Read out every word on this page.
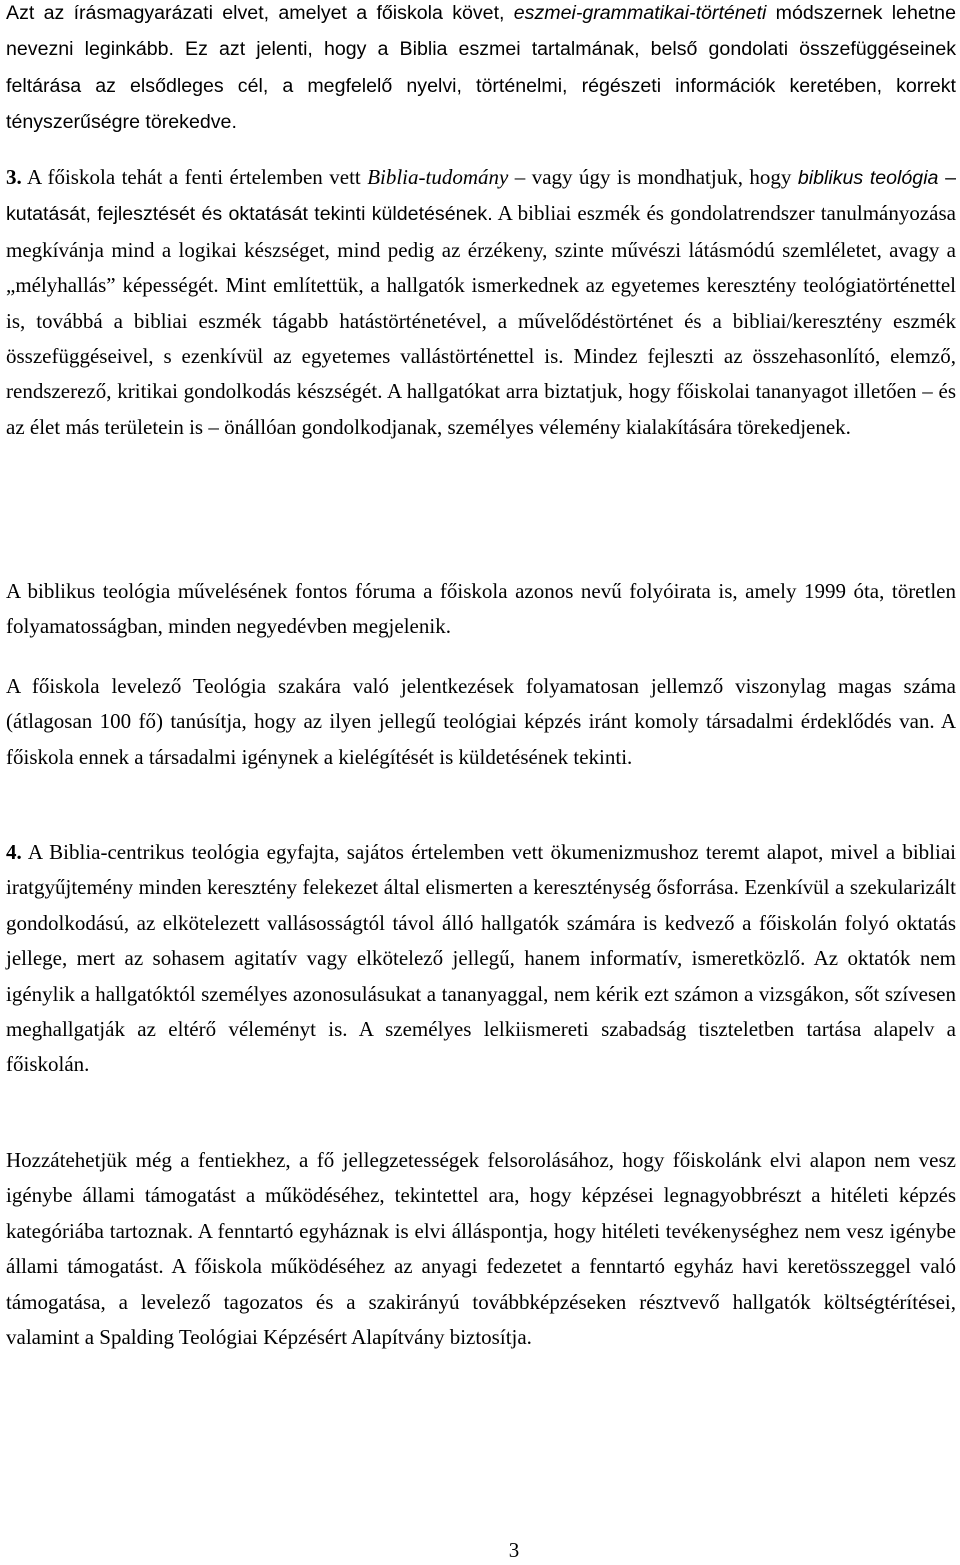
Azt az írásmagyarázati elvet, amelyet a főiskola követ, eszmei-grammatikai-történeti módszernek lehetne nevezni leginkább. Ez azt jelenti, hogy a Biblia eszmei tartalmának, belső gondolati összefüggéseinek feltárása az elsődleges cél, a megfelelő nyelvi, történelmi, régészeti információk keretében, korrekt tényszerűségre törekedve.

3. A főiskola tehát a fenti értelemben vett Biblia-tudomány – vagy úgy is mondhatjuk, hogy biblikus teológia – kutatását, fejlesztését és oktatását tekinti küldetésének. A bibliai eszmék és gondolatrendszer tanulmányozása megkívánja mind a logikai készséget, mind pedig az érzékeny, szinte művészi látásmódú szemléletet, avagy a „mélyhallás” képességét. Mint említettük, a hallgatók ismerkednek az egyetemes keresztény teológiatörténettel is, továbbá a bibliai eszmék tágabb hatástörténetével, a művelődéstörténet és a bibliai/keresztény eszmék összefüggéseivel, s ezenkívül az egyetemes vallástörténettel is. Mindez fejleszti az összehasonlító, elemző, rendszerező, kritikai gondolkodás készségét. A hallgatókat arra biztatjuk, hogy főiskolai tananyagot illetően – és az élet más területein is – önállóan gondolkodjanak, személyes vélemény kialakítására törekedjenek.

A biblikus teológia művelésének fontos fóruma a főiskola azonos nevű folyóirata is, amely 1999 óta, töretlen folyamatosságban, minden negyedévben megjelenik.

A főiskola levelező Teológia szakára való jelentkezések folyamatosan jellemző viszonylag magas száma (átlagosan 100 fő) tanúsítja, hogy az ilyen jellegű teológiai képzés iránt komoly társadalmi érdeklődés van. A főiskola ennek a társadalmi igénynek a kielégítését is küldetésének tekinti.

4. A Biblia-centrikus teológia egyfajta, sajátos értelemben vett ökumenizmushoz teremt alapot, mivel a bibliai iratgyűjtemény minden keresztény felekezet által elismerten a kereszténység ősforrása. Ezenkívül a szekularizált gondolkodású, az elkötelezett vallásosságtól távol álló hallgatók számára is kedvező a főiskolán folyó oktatás jellege, mert az sohasem agitatív vagy elkötelező jellegű, hanem informatív, ismeretközlő. Az oktatók nem igénylik a hallgatóktól személyes azonosulásukat a tananyaggal, nem kérik ezt számon a vizsgákon, sőt szívesen meghallgatják az eltérő véleményt is. A személyes lelkiismereti szabadság tiszteletben tartása alapelv a főiskolán.

Hozzátehetjük még a fentiekhez, a fő jellegzetességek felsorolásához, hogy főiskolánk elvi alapon nem vesz igénybe állami támogatást a működéséhez, tekintettel ara, hogy képzései legnagyobbrészt a hitéleti képzés kategóriába tartoznak. A fenntartó egyháznak is elvi álláspontja, hogy hitéleti tevékenységhez nem vesz igénybe állami támogatást. A főiskola működéséhez az anyagi fedezetet a fenntartó egyház havi keretösszeggel való támogatása, a levelező tagozatos és a szakirányú továbbképzéseken résztvevő hallgatók költségtérítései, valamint a Spalding Teológiai Képzésért Alapítvány biztosítja.

3
